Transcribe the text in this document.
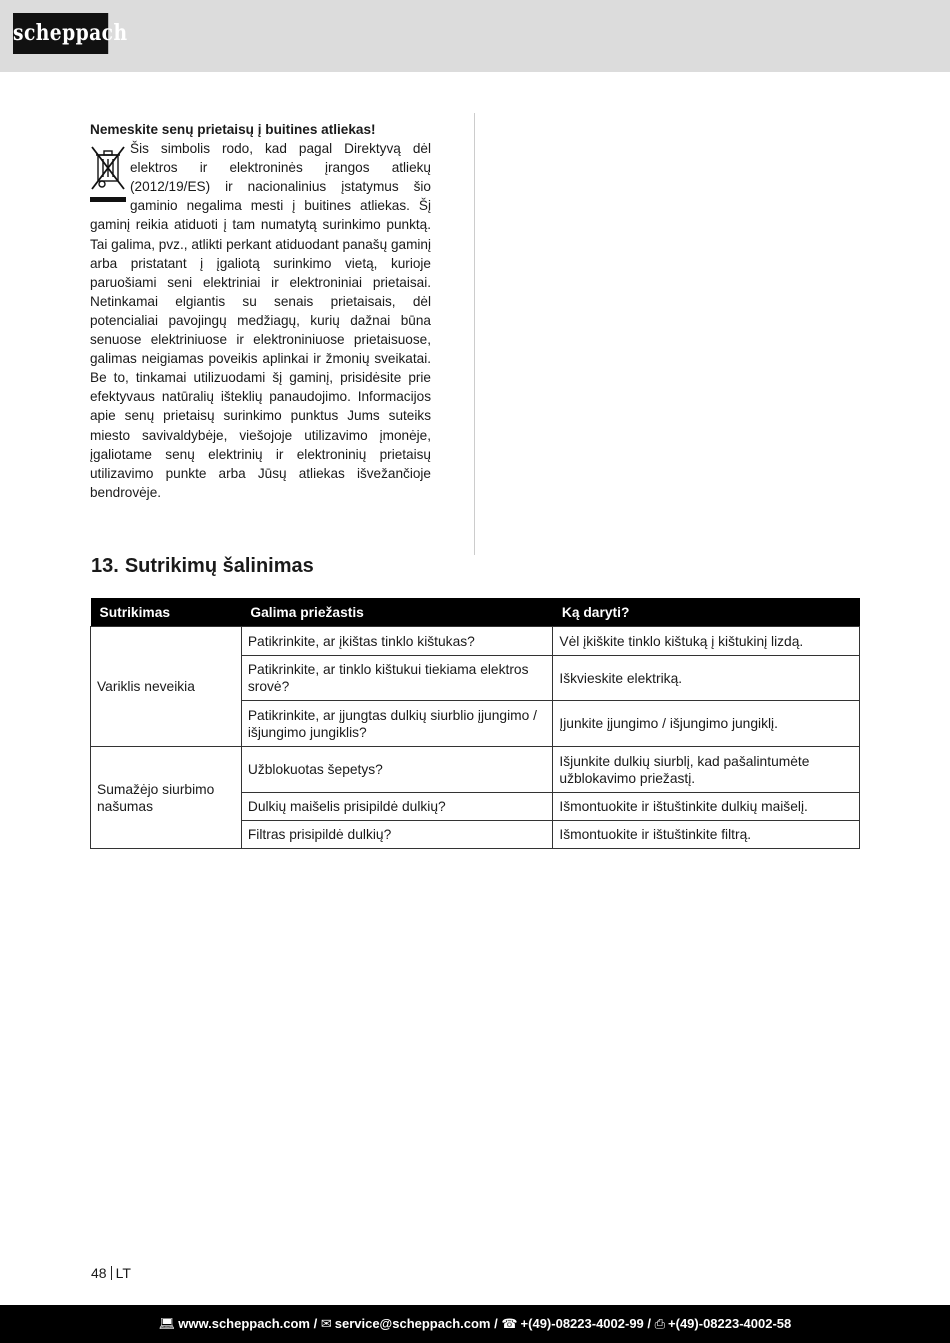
scheppach

Nemeskite senų prietaisų į buitines atliekas!

Šis simbolis rodo, kad pagal Direktyvą dėl elektros ir elektroninės įrangos atliekų (2012/19/ES) ir nacionalinius įstatymus šio gaminio negalima mesti į buitines atliekas. Šį gaminį reikia atiduoti į tam numatytą surinkimo punktą. Tai galima, pvz., atlikti perkant atiduodant panašų gaminį arba pristatant į įgaliotą surinkimo vietą, kurioje paruošiami seni elektriniai ir elektroniniai prietaisai. Netinkamai elgiantis su senais prietaisais, dėl potencialiai pavojingų medžiagų, kurių dažnai būna senuose elektriniuose ir elektroniniuose prietaisuose, galimas neigiamas poveikis aplinkai ir žmonių sveikatai. Be to, tinkamai utilizuodami šį gaminį, prisidėsite prie efektyvaus natūralių išteklių panaudojimo. Informacijos apie senų prietaisų surinkimo punktus Jums suteiks miesto savivaldybėje, viešojoje utilizavimo įmonėje, įgaliotame senų elektrinių ir elektroninių prietaisų utilizavimo punkte arba Jūsų atliekas išvežančioje bendrovėje.

13. Sutrikimų šalinimas
Sutrikimas	Galima priežastis	Ką daryti?
Variklis neveikia	Patikrinkite, ar įkištas tinklo kištukas?	Vėl įkiškite tinklo kištuką į kištukinį lizdą.
	Patikrinkite, ar tinklo kištukui tiekiama elektros srovė?	Iškvieskite elektriką.
	Patikrinkite, ar įjungtas dulkių siurblio įjungimo / išjungimo jungiklis?	Įjunkite įjungimo / išjungimo jungiklį.
Sumažėjo siurbimo našumas	Užblokuotas šepetys?	Išjunkite dulkių siurblį, kad pašalintumėte užblokavimo priežastį.
	Dulkių maišelis prisipildė dulkių?	Išmontuokite ir ištuštinkite dulkių maišelį.
	Filtras prisipildė dulkių?	Išmontuokite ir ištuštinkite filtrą.
48 LT
💻︎ www.scheppach.com / ✉︎ service@scheppach.com / ☎︎ +(49)-08223-4002-99 / ⎙ +(49)-08223-4002-58
